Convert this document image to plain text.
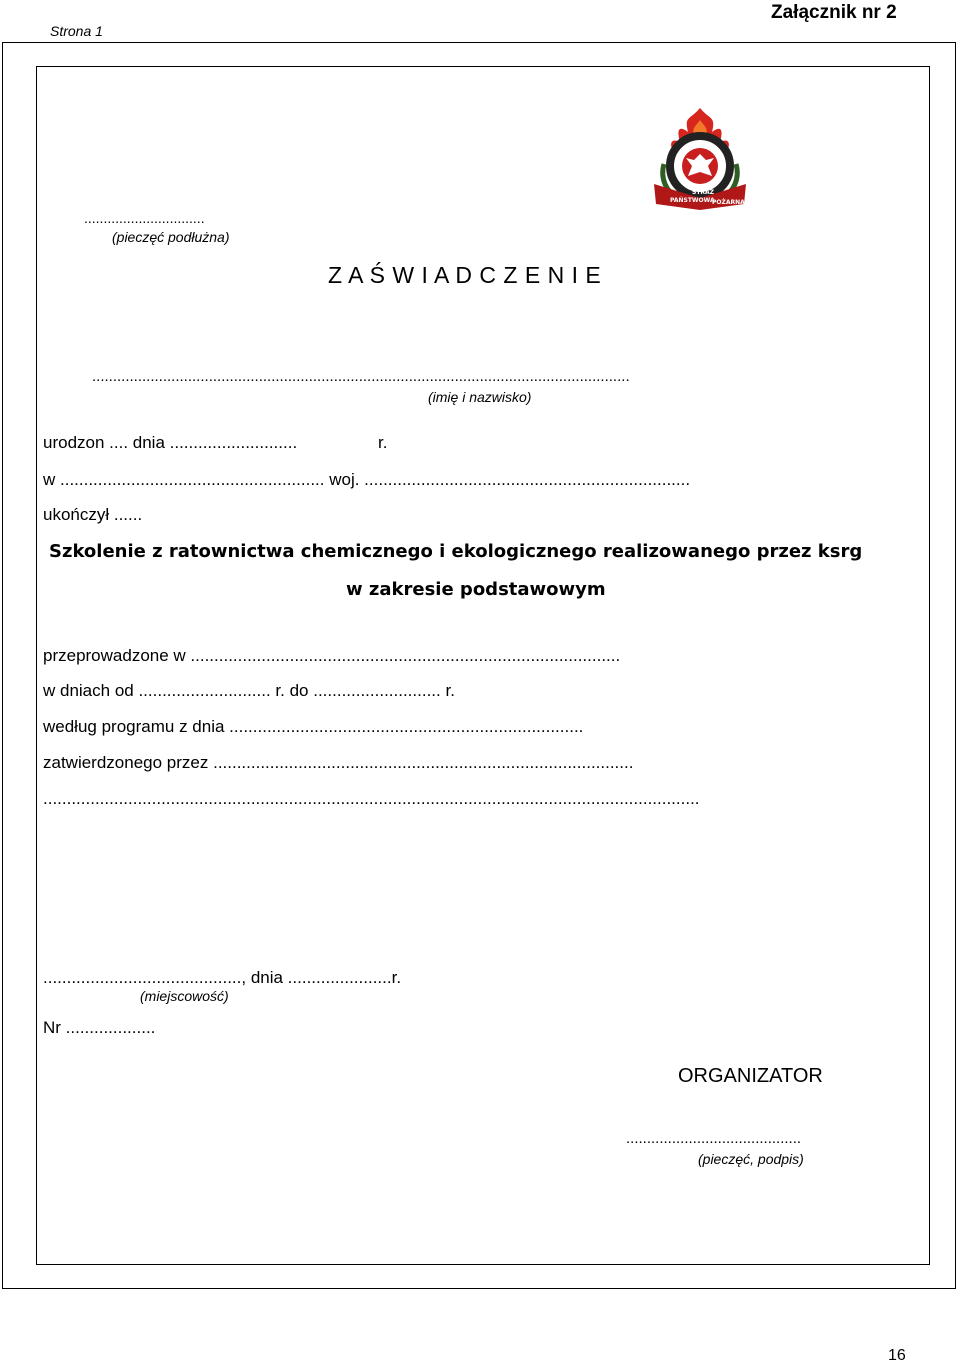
Strona 1
Załącznik nr 2
PAŃSTWOWA
STRAŻ
POŻARNA
...............................
(pieczęć podłużna)
Z A Ś W I A D C Z E N I E
.................................................................................................................................
(imię i nazwisko)
urodzon .... dnia ...........................	r.
w ........................................................ woj. .....................................................................
ukończył ......
Szkolenie z ratownictwa chemicznego i ekologicznego realizowanego przez ksrg
w zakresie podstawowym
przeprowadzone w ...........................................................................................
w dniach od ............................ r. do ........................... r.
według programu z dnia ...........................................................................
zatwierdzonego przez .........................................................................................
...........................................................................................................................................
.........................................., dnia ......................r.
(miejscowość)
Nr ...................
ORGANIZATOR
..........................................
(pieczęć, podpis)
16
